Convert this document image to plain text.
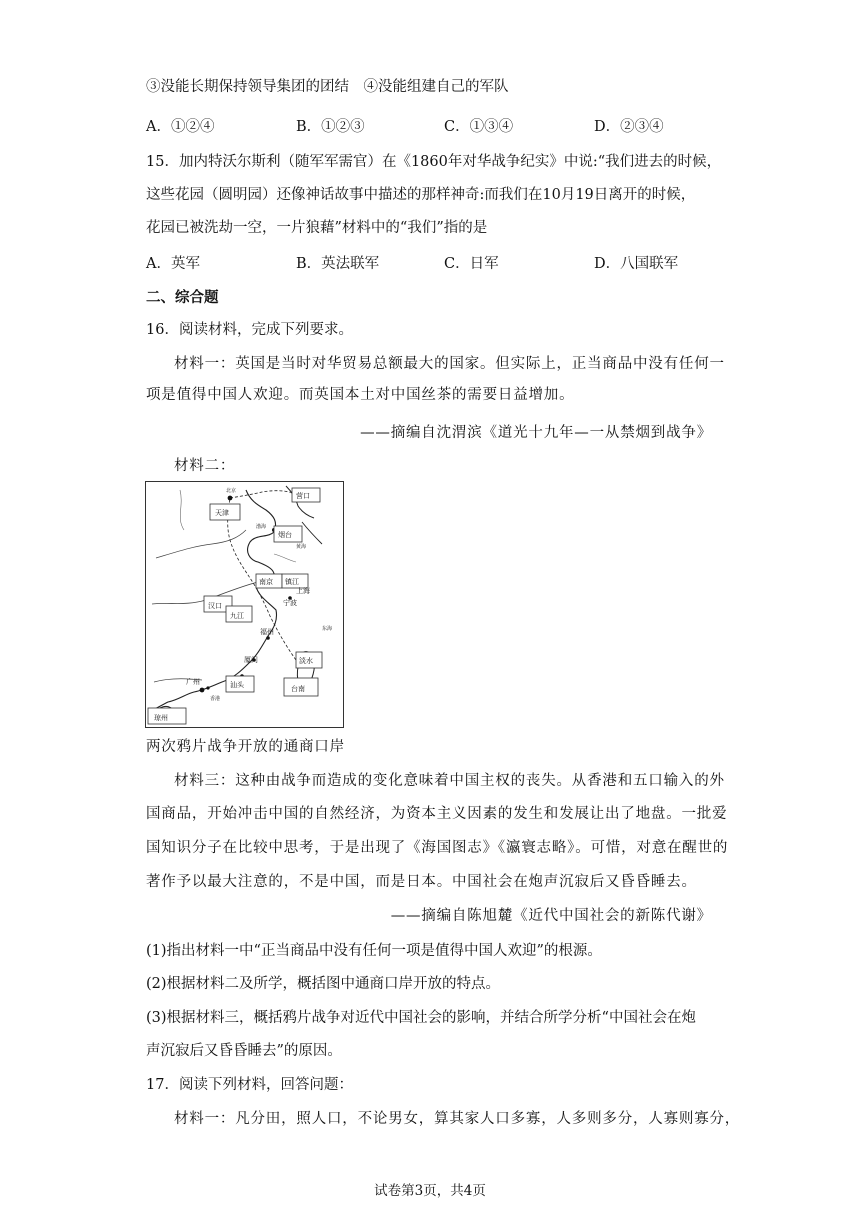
③没能长期保持领导集团的团结　④没能组建自己的军队
A．①②④	B．①②③	C．①③④	D．②③④
15．加内特沃尔斯利（随军军需官）在《1860年对华战争纪实》中说:“我们进去的时候，
这些花园（圆明园）还像神话故事中描述的那样神奇:而我们在10月19日离开的时候，
花园已被洗劫一空，一片狼藉”材料中的“我们”指的是
A．英军	B．英法联军	C．日军	D．八国联军
二、综合题
16．阅读材料，完成下列要求。
材料一：英国是当时对华贸易总额最大的国家。但实际上，正当商品中没有任何一
项是值得中国人欢迎。而英国本土对中国丝茶的需要日益增加。
——摘编自沈渭滨《道光十九年—一从禁烟到战争》
材料二：
营口
天津
烟台
镇江
南京
上海
宁波
汉口
九江
福州
厦门
汕头
广州
淡水
台南
琼州
北京
香港
渤海
黄海
东海
两次鸦片战争开放的通商口岸
材料三：这种由战争而造成的变化意味着中国主权的丧失。从香港和五口输入的外
国商品，开始冲击中国的自然经济，为资本主义因素的发生和发展让出了地盘。一批爱
国知识分子在比较中思考，于是出现了《海国图志》《瀛寰志略》。可惜，对意在醒世的
著作予以最大注意的，不是中国，而是日本。中国社会在炮声沉寂后又昏昏睡去。
——摘编自陈旭麓《近代中国社会的新陈代谢》
(1)指出材料一中“正当商品中没有任何一项是值得中国人欢迎”的根源。
(2)根据材料二及所学，概括图中通商口岸开放的特点。
(3)根据材料三，概括鸦片战争对近代中国社会的影响，并结合所学分析“中国社会在炮
声沉寂后又昏昏睡去”的原因。
17．阅读下列材料，回答问题：
材料一：凡分田，照人口，不论男女，算其家人口多寡，人多则多分，人寡则寡分，
试卷第3页，共4页
